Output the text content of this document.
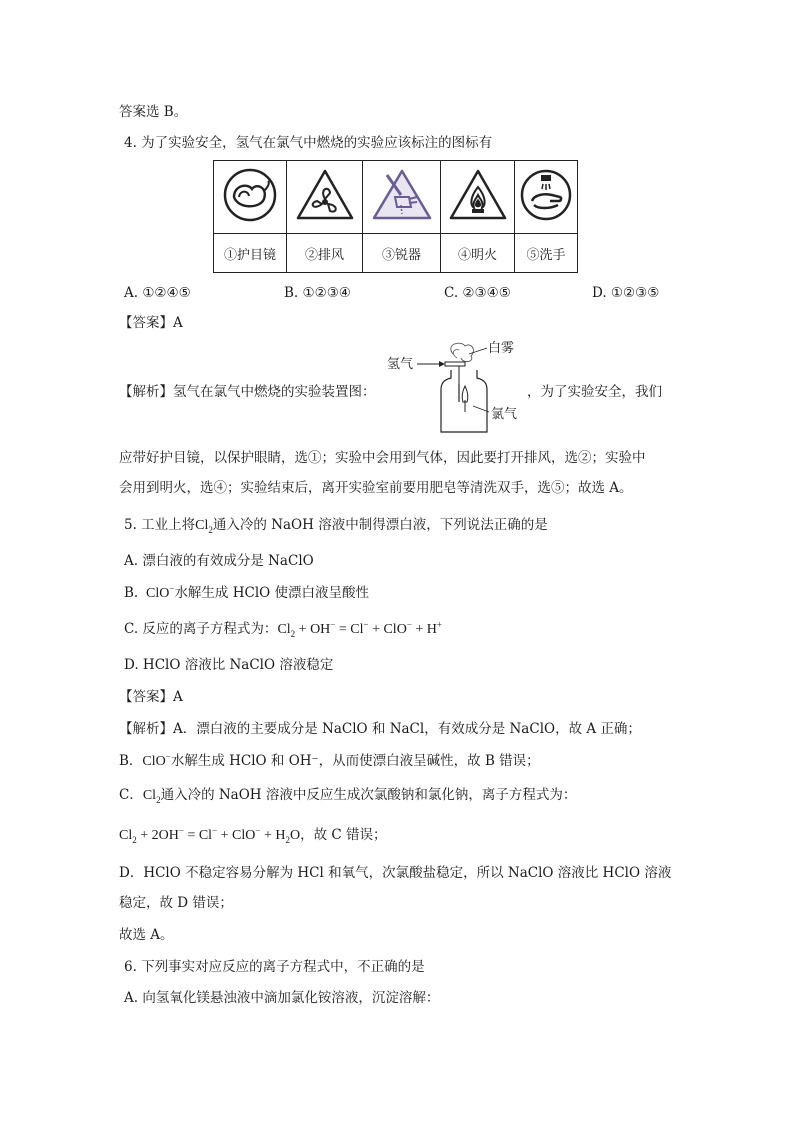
答案选 B。
4. 为了实验安全，氢气在氯气中燃烧的实验应该标注的图标有

①护目镜	②排风	③锐器	④明火	⑤洗手
A. ①②④⑤	B. ①②③④	C. ②③④⑤	D. ①②③⑤
【答案】A
【解析】氢气在氯气中燃烧的实验装置图：
氢气
白雾
氯气
，为了实验安全，我们
应带好护目镜，以保护眼睛，选①；实验中会用到气体，因此要打开排风，选②；实验中
会用到明火，选④；实验结束后，离开实验室前要用肥皂等清洗双手，选⑤；故选 A。
5. 工业上将$Cl_2$通入冷的 NaOH 溶液中制得漂白液，下列说法正确的是
A. 漂白液的有效成分是 NaClO
B.  ClO−水解生成 HClO 使漂白液呈酸性
C. 反应的离子方程式为：$Cl_2 + OH^- = Cl^- + ClO^- + H^+$
D. HClO 溶液比 NaClO 溶液稳定
【答案】A
【解析】A．漂白液的主要成分是 NaClO 和 NaCl，有效成分是 NaClO，故 A 正确；
B．ClO−水解生成 HClO 和 OH⁻，从而使漂白液呈碱性，故 B 错误；
C．$Cl_2$通入冷的 NaOH 溶液中反应生成次氯酸钠和氯化钠，离子方程式为：
$Cl_2 + 2OH^- = Cl^- + ClO^- + H_2O$，故 C 错误；
D．HClO 不稳定容易分解为 HCl 和氧气，次氯酸盐稳定，所以 NaClO 溶液比 HClO 溶液
稳定，故 D 错误；
故选 A。
6. 下列事实对应反应的离子方程式中，不正确的是
A. 向氢氧化镁悬浊液中滴加氯化铵溶液，沉淀溶解：
